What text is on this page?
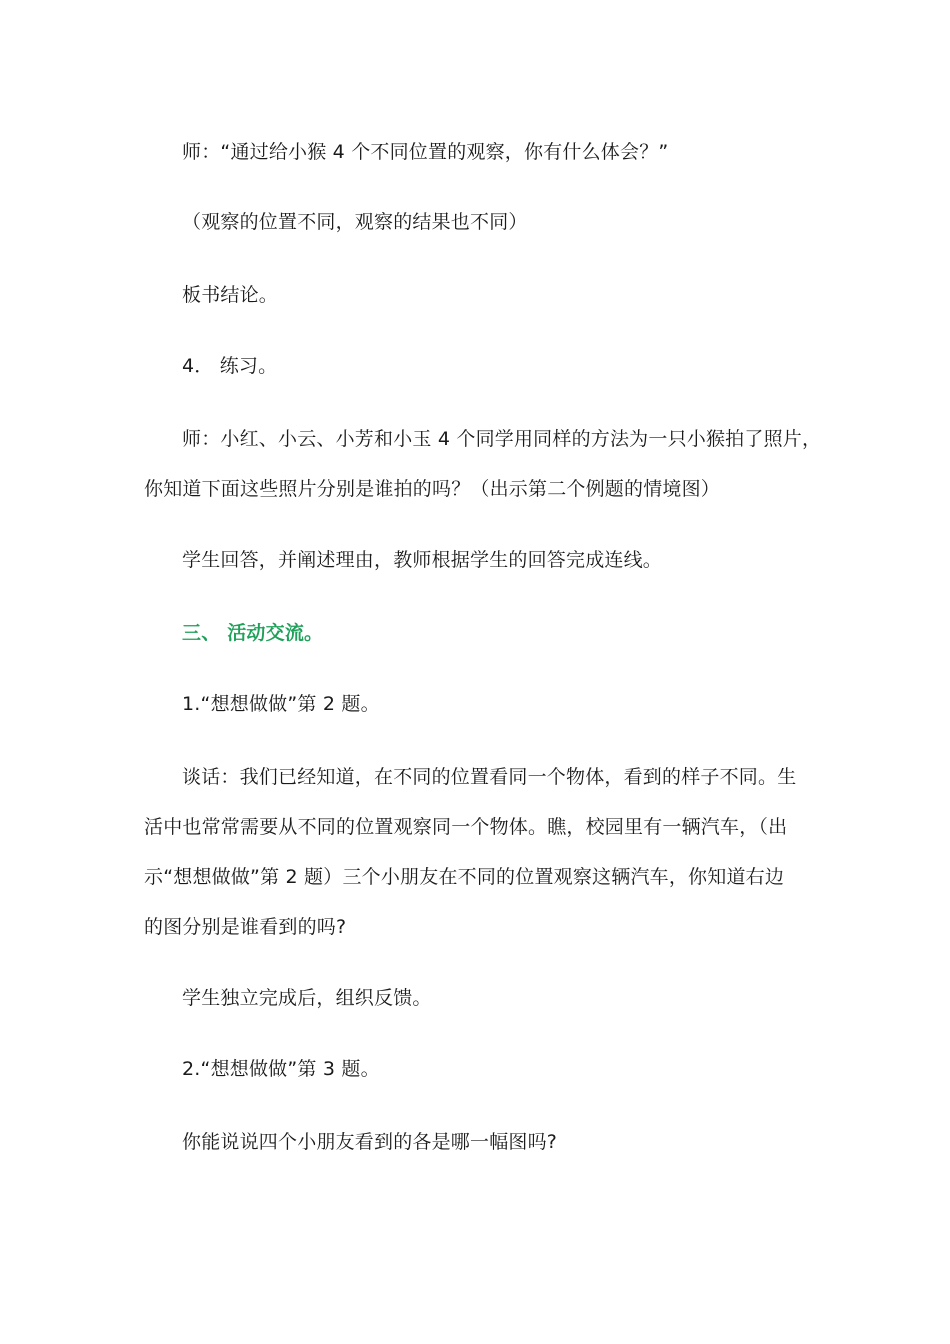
师：“通过给小猴 4 个不同位置的观察，你有什么体会？”
（观察的位置不同，观察的结果也不同）
板书结论。
4． 练习。
师：小红、小云、小芳和小玉 4 个同学用同样的方法为一只小猴拍了照片，
你知道下面这些照片分别是谁拍的吗？（出示第二个例题的情境图）
学生回答，并阐述理由，教师根据学生的回答完成连线。
三、 活动交流。
1.“想想做做”第 2 题。
谈话：我们已经知道，在不同的位置看同一个物体，看到的样子不同。生
活中也常常需要从不同的位置观察同一个物体。瞧，校园里有一辆汽车，（出
示“想想做做”第 2 题）三个小朋友在不同的位置观察这辆汽车，你知道右边
的图分别是谁看到的吗?
学生独立完成后，组织反馈。
2.“想想做做”第 3 题。
你能说说四个小朋友看到的各是哪一幅图吗?
